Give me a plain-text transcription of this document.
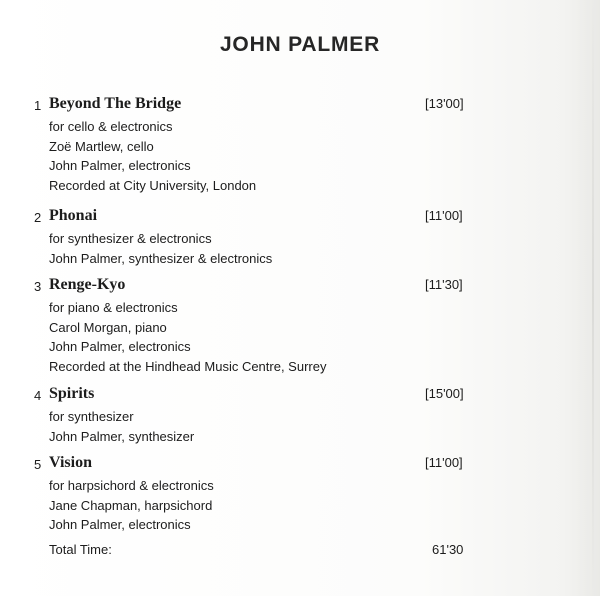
JOHN PALMER
1 Beyond The Bridge	[13'00]
for cello & electronics
Zoë Martlew, cello
John Palmer, electronics
Recorded at City University, London
2 Phonai	[11'00]
for synthesizer & electronics
John Palmer, synthesizer & electronics
3 Renge-Kyo	[11'30]
for piano & electronics
Carol Morgan, piano
John Palmer, electronics
Recorded at the Hindhead Music Centre, Surrey
4 Spirits	[15'00]
for synthesizer
John Palmer, synthesizer
5 Vision	[11'00]
for harpsichord & electronics
Jane Chapman, harpsichord
John Palmer, electronics
Total Time:	61'30
